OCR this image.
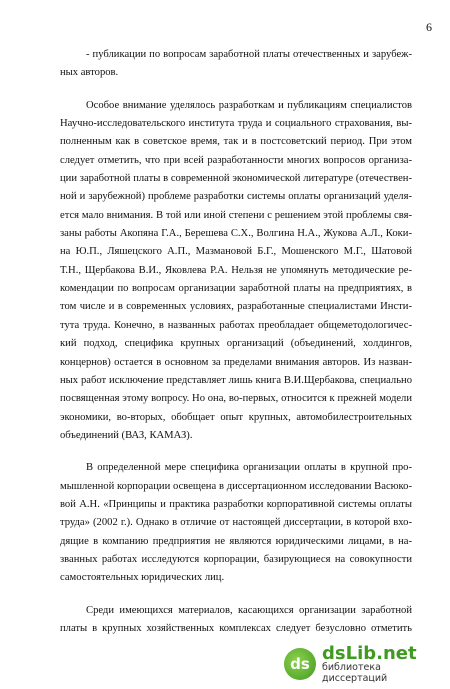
6
- публикации по вопросам заработной платы отечественных и зарубеж-
ных авторов.
Особое внимание уделялось разработкам и публикациям специалистов
Научно-исследовательского института труда и социального страхования, вы-
полненным как в советское время, так и в постсоветский период. При этом
следует отметить, что при всей разработанности многих вопросов организа-
ции заработной платы в современной экономической литературе (отечествен-
ной и зарубежной) проблеме разработки системы оплаты организаций уделя-
ется мало внимания. В той или иной степени с решением этой проблемы свя-
заны работы Акопяна Г.А., Берешева С.Х., Волгина Н.А., Жукова А.Л., Коки-
на Ю.П., Ляшецского А.П., Мазмановой Б.Г., Мошенского М.Г., Шатовой
Т.Н., Щербакова В.И., Яковлева Р.А. Нельзя не упомянуть методические ре-
комендации по вопросам организации заработной платы на предприятиях, в
том числе и в современных условиях, разработанные специалистами Инсти-
тута труда. Конечно, в названных работах преобладает общеметодологичес-
кий подход, специфика крупных организаций (объединений, холдингов,
концернов) остается в основном за пределами внимания авторов. Из назван-
ных работ исключение представляет лишь книга В.И.Щербакова, специально
посвященная этому вопросу. Но она, во-первых, относится к прежней модели
экономики, во-вторых, обобщает опыт крупных, автомобилестроительных
объединений (ВАЗ, КАМАЗ).
В определенной мере специфика организации оплаты в крупной про-
мышленной корпорации освещена в диссертационном исследовании Васюко-
вой А.Н. «Принципы и практика разработки корпоративной системы оплаты
труда» (2002 г.). Однако в отличие от настоящей диссертации, в которой вхо-
дящие в компанию предприятия не являются юридическими лицами, в на-
званных работах исследуются корпорации, базирующиеся на совокупности
самостоятельных юридических лиц.
Среди имеющихся материалов, касающихся организации заработной
платы в крупных хозяйственных комплексах следует безусловно отметить
ds
dsLib.net
библиотека диссертаций
